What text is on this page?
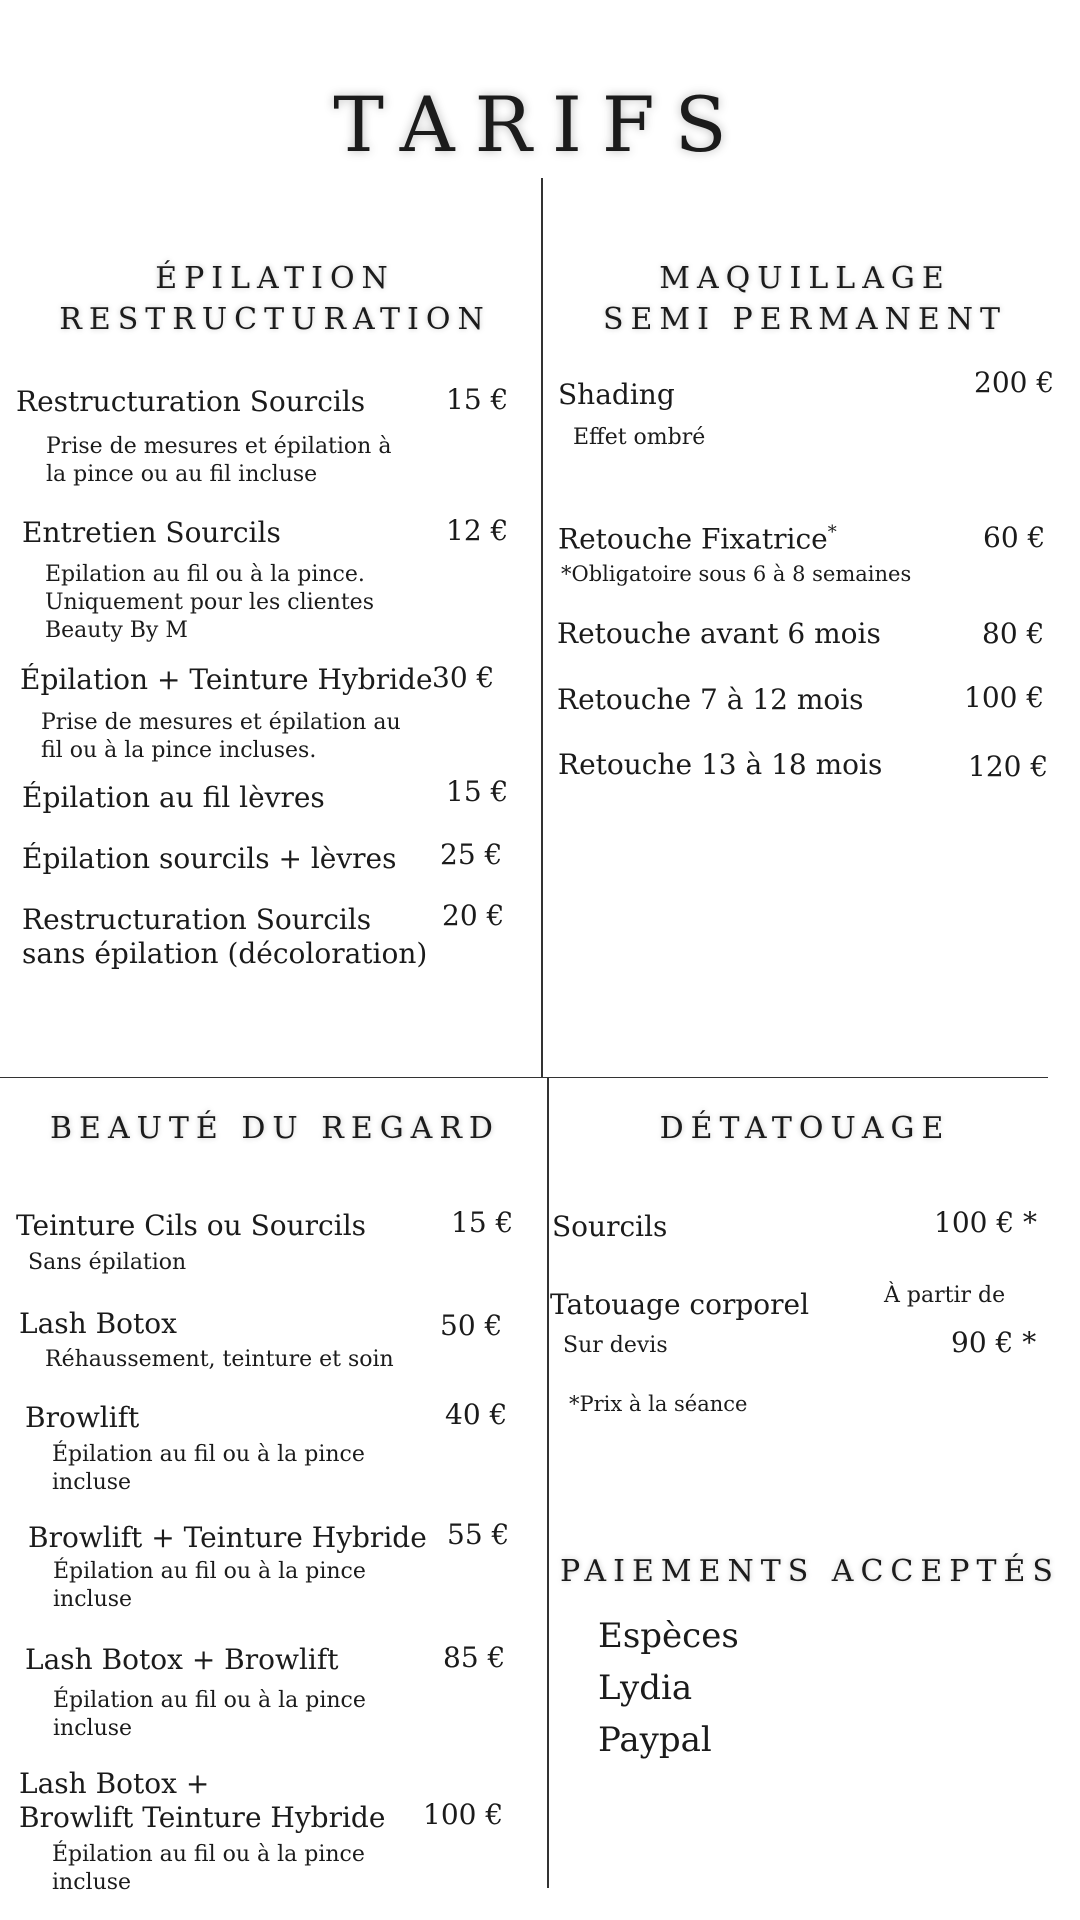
TARIFS
ÉPILATION
RESTRUCTURATION
Restructuration Sourcils	15 €
Prise de mesures et épilation à
la pince ou au fil incluse
Entretien Sourcils	12 €
Epilation au fil ou à la pince.
Uniquement pour les clientes
Beauty By M
Épilation + Teinture Hybride 30 €
Prise de mesures et épilation au
fil ou à la pince incluses.
Épilation au fil lèvres	15 €
Épilation sourcils + lèvres 25 €
Restructuration Sourcils
sans épilation (décoloration)
20 €
MAQUILLAGE
SEMI PERMANENT
Shading	200 €
Effet ombré
Retouche Fixatrice*	60 €
*Obligatoire sous 6 à 8 semaines
Retouche avant 6 mois	80 €
Retouche 7 à 12 mois	100 €
Retouche 13 à 18 mois	120 €
BEAUTÉ DU REGARD
Teinture Cils ou Sourcils	15 €
Sans épilation
Lash Botox	50 €
Réhaussement, teinture et soin
Browlift	40 €
Épilation au fil ou à la pince
incluse
Browlift + Teinture Hybride 55 €
Épilation au fil ou à la pince
incluse
Lash Botox + Browlift	85 €
Épilation au fil ou à la pince
incluse
Lash Botox +
Browlift Teinture Hybride 100 €
Épilation au fil ou à la pince
incluse
DÉTATOUAGE
Sourcils	100 € *
Tatouage corporel	À partir de
90 € *
Sur devis
*Prix à la séance
PAIEMENTS ACCEPTÉS
Espèces
Lydia
Paypal
